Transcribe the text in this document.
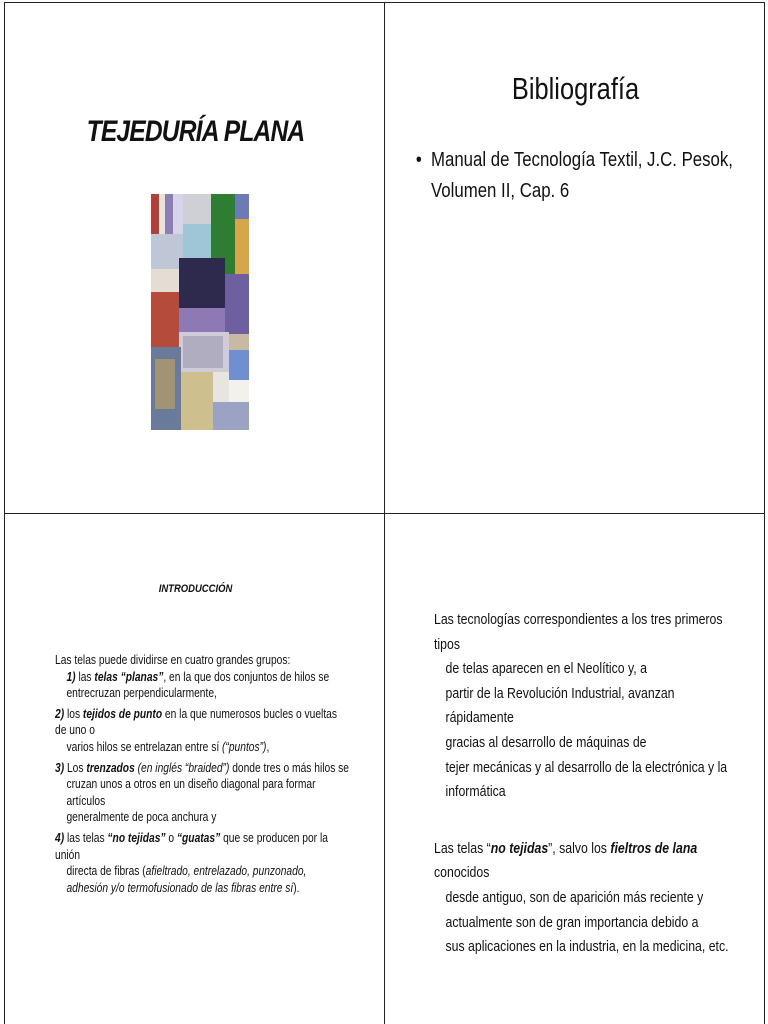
TEJEDURÍA PLANA
Bibliografía
• Manual de Tecnología Textil, J.C. Pesok,
Volumen II, Cap. 6
INTRODUCCIÓN

Las telas puede dividirse en cuatro grandes grupos:

1) las telas “planas”, en la que dos conjuntos de hilos se

entrecruzan perpendicularmente,

2) los tejidos de punto en la que numerosos bucles o vueltas de uno o

varios hilos se entrelazan entre sí (“puntos”),

3) Los trenzados (en inglés “braided”) donde tres o más hilos se

cruzan unos a otros en un diseño diagonal para formar artículos

generalmente de poca anchura y

4) las telas “no tejidas” o “guatas” que se producen por la unión

directa de fibras (afieltrado, entrelazado, punzonado,

adhesión y/o termofusionado de las fibras entre sí).

Las tecnologías correspondientes a los tres primeros tipos

de telas aparecen en el Neolítico y, a

partir de la Revolución Industrial, avanzan rápidamente

gracias al desarrollo de máquinas de

tejer mecánicas y al desarrollo de la electrónica y la

informática

Las telas “no tejidas”, salvo los fieltros de lana conocidos

desde antiguo, son de aparición más reciente y

actualmente son de gran importancia debido a

sus aplicaciones en la industria, en la medicina, etc.
